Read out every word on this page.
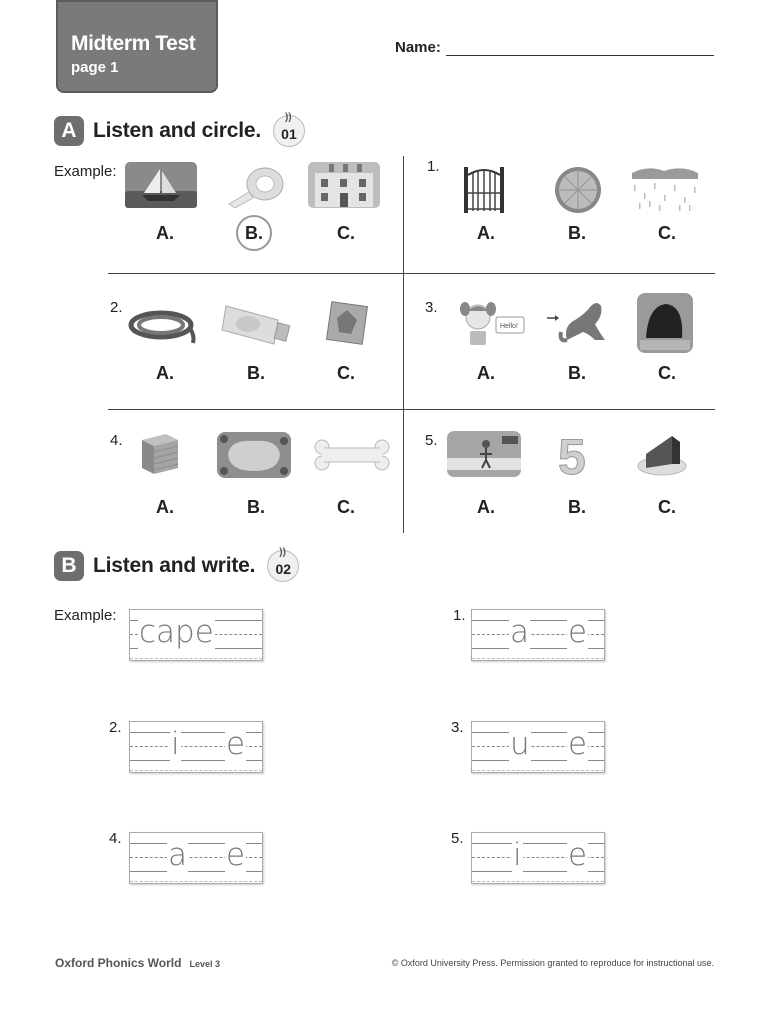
Midterm Test
page 1
Name:
A Listen and circle.
))
01
Example:
A.	B.	C.
1.
A.	B.	C.
2.
A.	B.	C.
3.
Hello!
A.	B.	C.
4.
A.	B.	C.
5. 5
A.	B.	C.
B Listen and write.
))
02
Example: cape	1. a e
2. i e	3. u e
4. a e	5. i e
Oxford Phonics World Level 3	© Oxford University Press. Permission granted to reproduce for instructional use.
